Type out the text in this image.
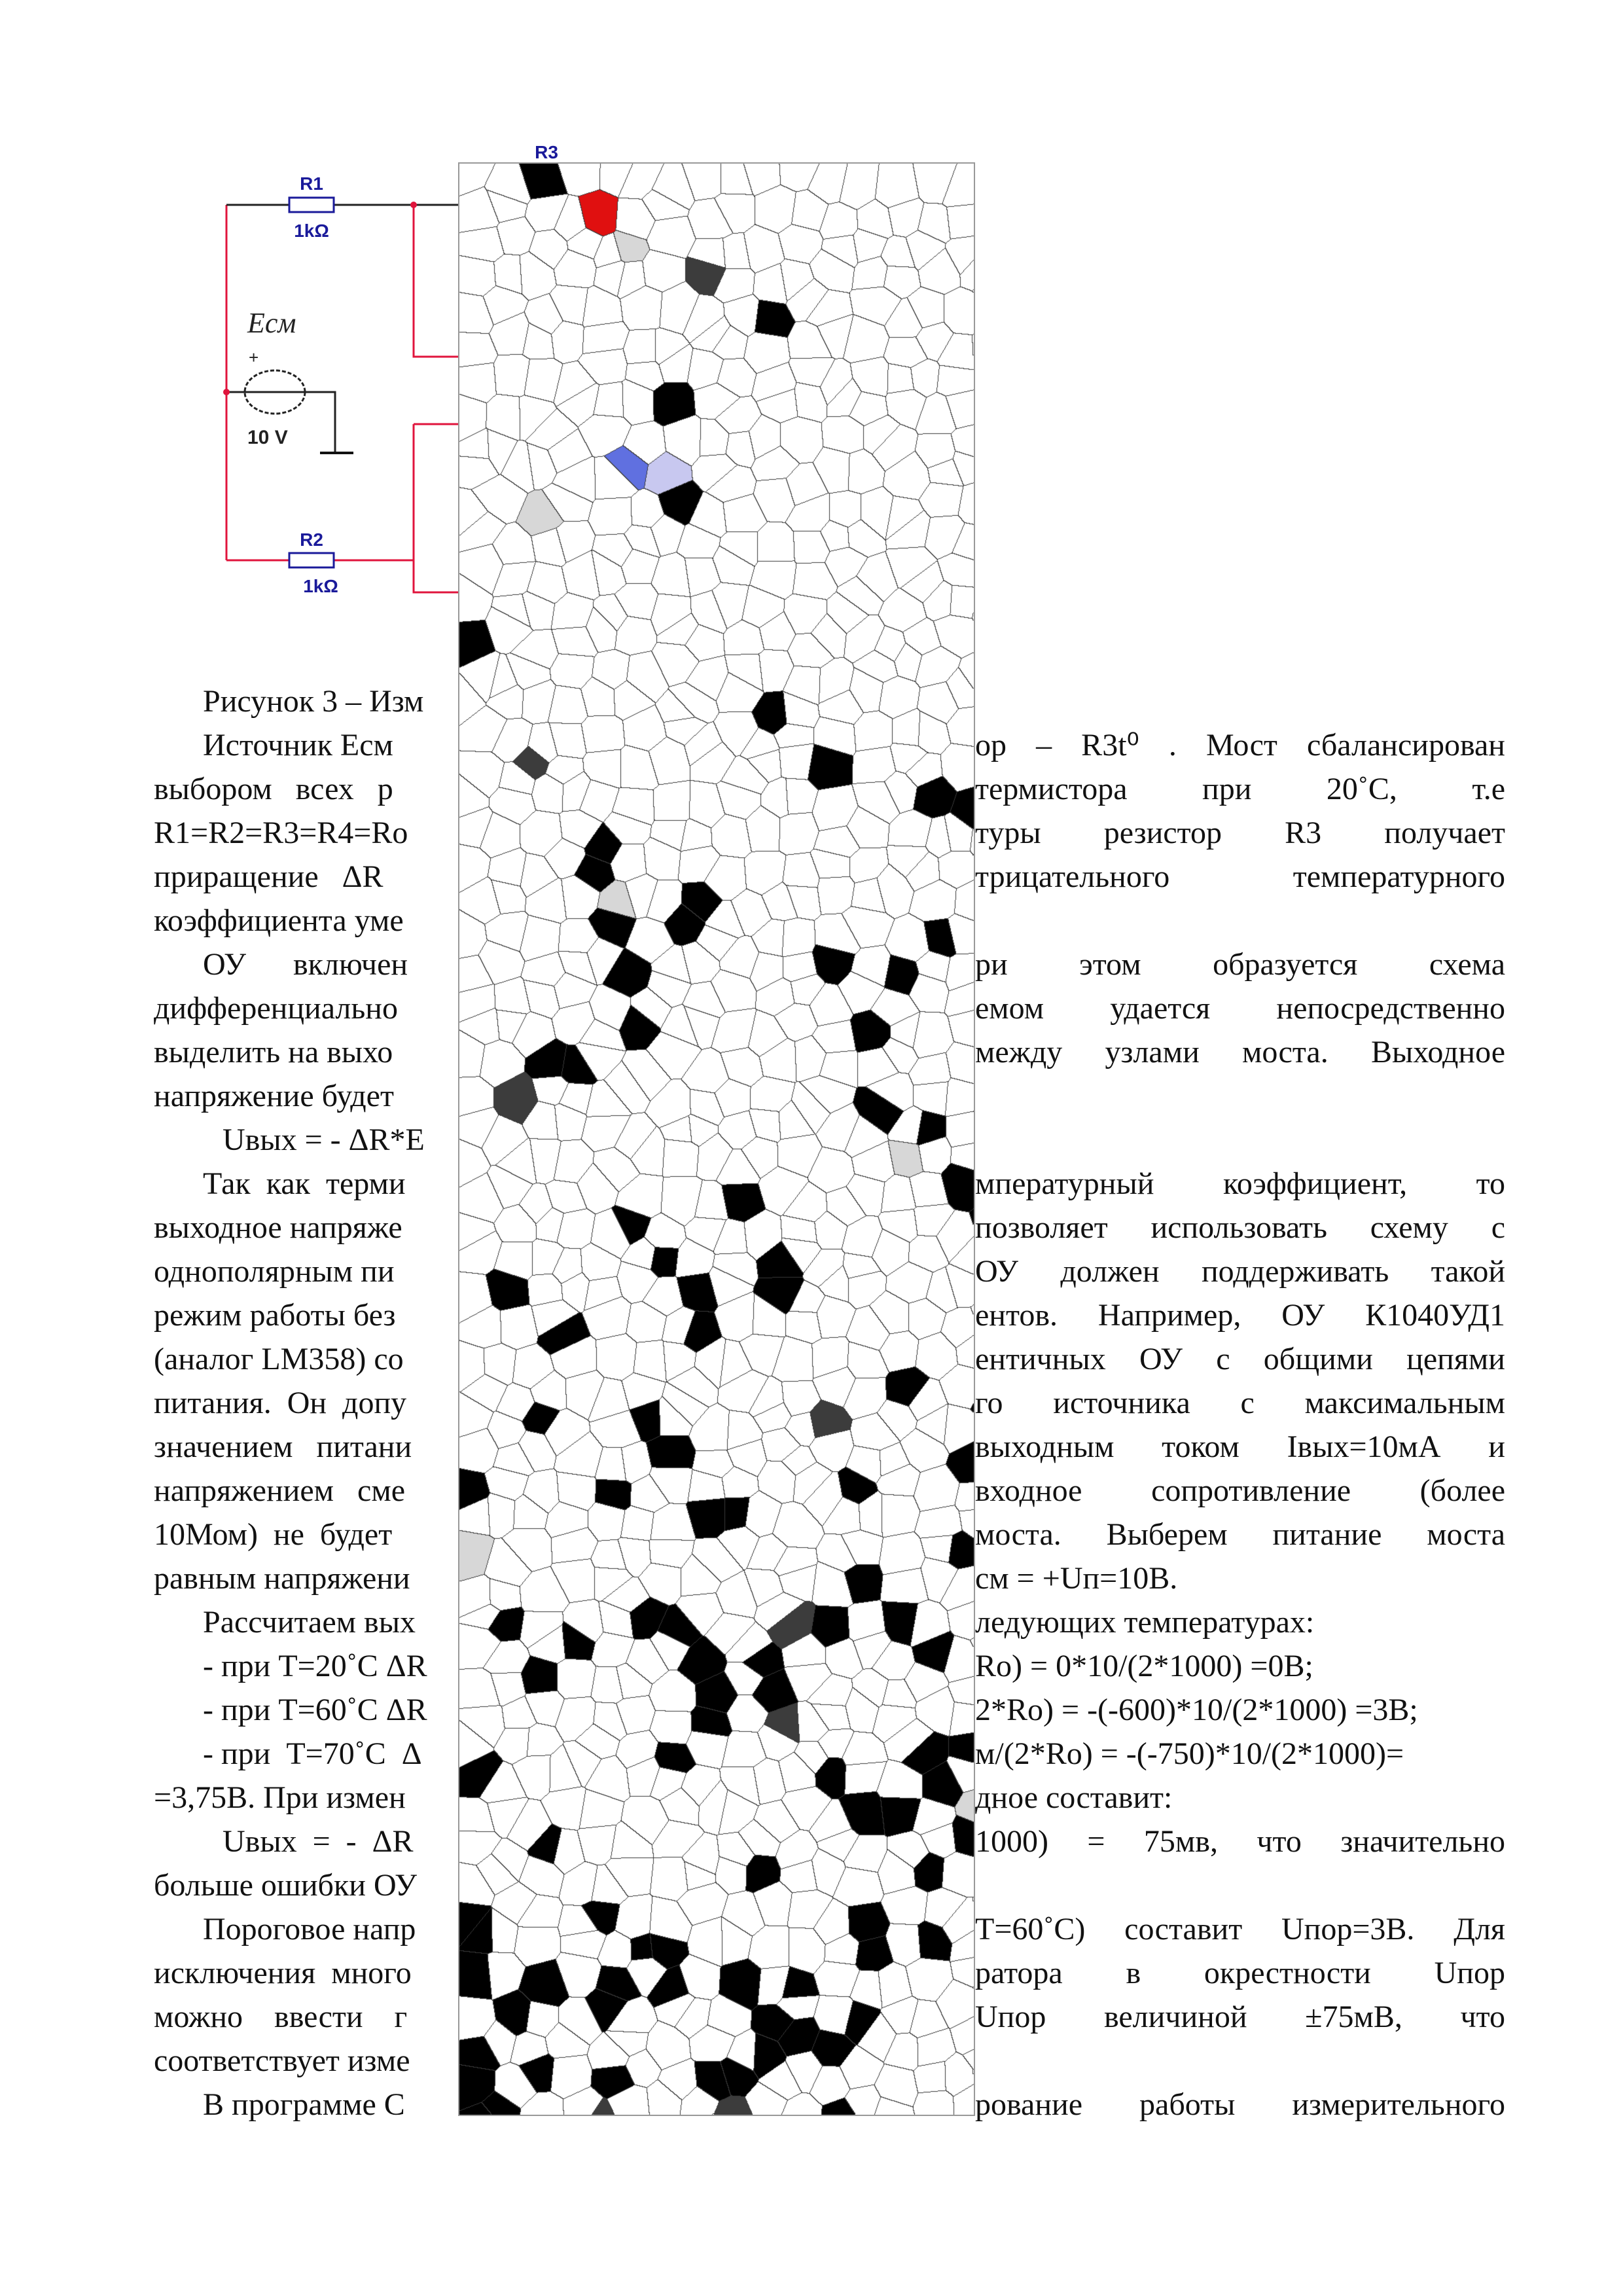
R1
1kΩ
R2
1kΩ
R3
Есм
+
10 V
Рисунок 3 – Изм
Источник Есм	ор – R3t⁰ . Мост сбалансирован
выбором   всех   р	термистора при 20˚С, т.е
R1=R2=R3=R4=Ro	туры резистор R3 получает
приращение   ΔR	трицательного температурного
коэффициента уме
ОУ      включен	ри этом образуется схема
дифференциально	емом удается непосредственно
выделить на выхо	между узлами моста. Выходное
напряжение будет
Uвых = - ΔR*E
Так  как  терми	мпературный коэффициент, то
выходное напряже	позволяет использовать схему с
однополярным пи	ОУ должен поддерживать такой
режим работы без	ентов. Например, ОУ К1040УД1
(аналог LM358) со	ентичных ОУ с общими цепями
питания.  Он  допу	го источника с максимальным
значением   питани	выходным током Iвых=10мА и
напряжением   сме	входное сопротивление (более
10Мом)  не  будет	моста. Выберем питание моста
равным напряжени	см = +Uп=10В.
Рассчитаем вых	ледующих температурах:
- при Т=20˚С ΔR	Ro) = 0*10/(2*1000) =0В;
- при Т=60˚С ΔR	2*Ro) = -(-600)*10/(2*1000) =3В;
- при  Т=70˚С  Δ	м/(2*Ro) = -(-750)*10/(2*1000)=
=3,75В. При измен	дное составит:
Uвых  =  -  ΔR	1000) = 75мв, что значительно
больше ошибки ОУ
Пороговое напр	Т=60˚С) составит Uпор=3В. Для
исключения  много	ратора в окрестности Uпор
можно    ввести    г	Uпор величиной ±75мВ, что
соответствует изме
В программе С	рование работы измерительного
